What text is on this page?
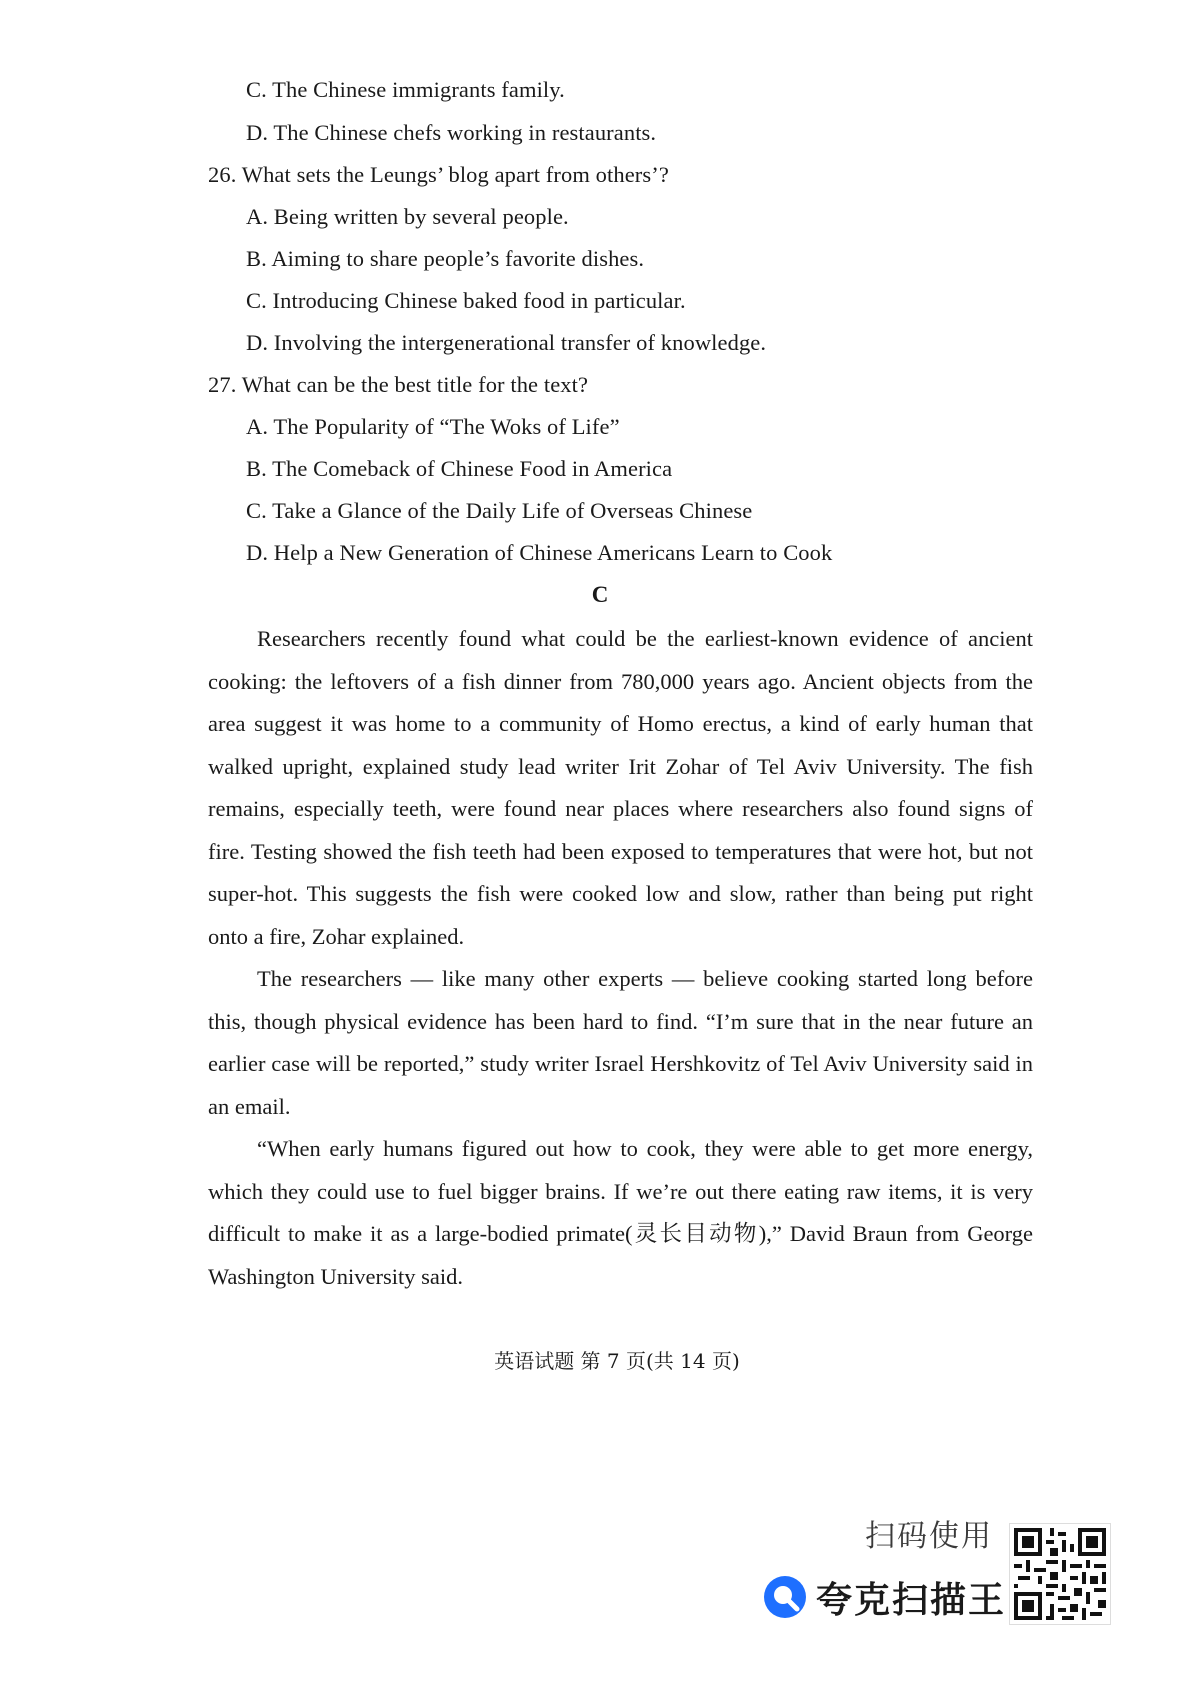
C. The Chinese immigrants family.
D. The Chinese chefs working in restaurants.
26. What sets the Leungs’ blog apart from others’?
A. Being written by several people.
B. Aiming to share people’s favorite dishes.
C. Introducing Chinese baked food in particular.
D. Involving the intergenerational transfer of knowledge.
27. What can be the best title for the text?
A. The Popularity of “The Woks of Life”
B. The Comeback of Chinese Food in America
C. Take a Glance of the Daily Life of Overseas Chinese
D. Help a New Generation of Chinese Americans Learn to Cook
C

Researchers recently found what could be the earliest-known evidence of ancient cooking: the leftovers of a fish dinner from 780,000 years ago. Ancient objects from the area suggest it was home to a community of Homo erectus, a kind of early human that walked upright, explained study lead writer Irit Zohar of Tel Aviv University. The fish remains, especially teeth, were found near places where researchers also found signs of fire. Testing showed the fish teeth had been exposed to temperatures that were hot, but not super-hot. This suggests the fish were cooked low and slow, rather than being put right onto a fire, Zohar explained.

The researchers — like many other experts — believe cooking started long before this, though physical evidence has been hard to find. “I’m sure that in the near future an earlier case will be reported,” study writer Israel Hershkovitz of Tel Aviv University said in an email.

“When early humans figured out how to cook, they were able to get more energy, which they could use to fuel bigger brains. If we’re out there eating raw items, it is very difficult to make it as a large-bodied primate(灵长目动物),” David Braun from George Washington University said.

英语试题 第 7 页(共 14 页)
扫码使用
夸克扫描王
